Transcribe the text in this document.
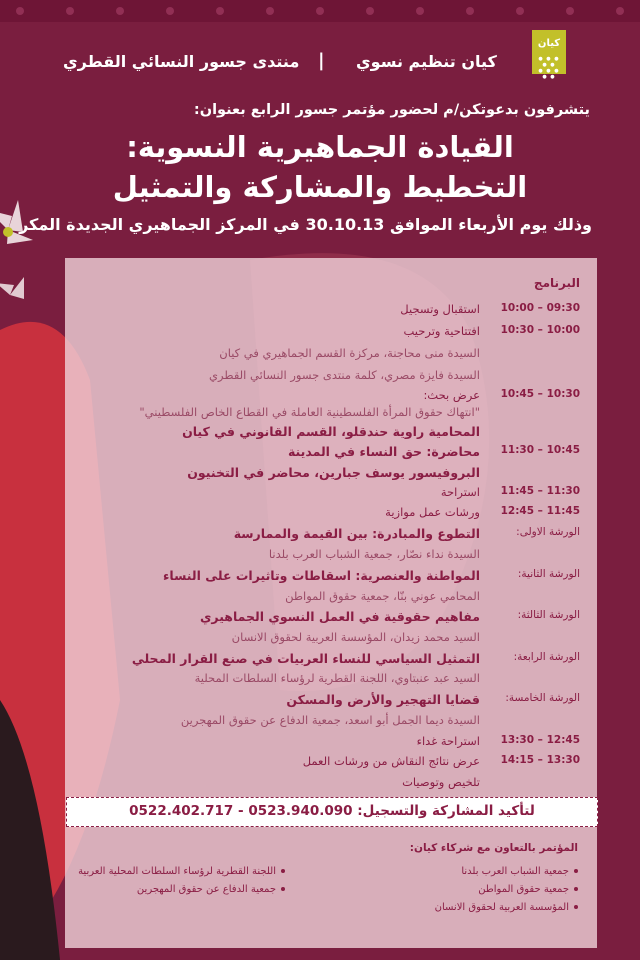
كيان
● ● ● ● ●
● ● ● ● ●
منتدى جسور النسائي القطري | كيان تنظيم نسوي
يتشرفون بدعوتكن/م لحضور مؤتمر جسور الرابع بعنوان:
القيادة الجماهيرية النسوية:
التخطيط والمشاركة والتمثيل
وذلك يوم الأربعاء الموافق 30.10.13 في المركز الجماهيري الجديدة المكر
البرنامج
10:00 – 09:30
استقبال وتسجيل
10:30 – 10:00
افتتاحية وترحيب
السيدة منى محاجنة، مركزة القسم الجماهيري في كيان
السيدة فايزة مصري، كلمة منتدى جسور النسائي القطري
10:45 – 10:30
عرض بحث:
"انتهاك حقوق المرأة الفلسطينية العاملة في القطاع الخاص الفلسطيني"
المحامية راوية حندقلو، القسم القانوني في كيان
11:30 – 10:45
محاضرة: حق النساء في المدينة
البروفيسور يوسف جبارين، محاضر في التخنيون
11:45 – 11:30
استراحة
12:45 – 11:45
ورشات عمل موازية
الورشة الاولى:
التطوع والمبادرة: بين القيمة والممارسة
السيدة نداء نصّار، جمعية الشباب العرب بلدنا
الورشة الثانية:
المواطنة والعنصرية: اسقاطات وتاثيرات على النساء
المحامي عوني بنّا، جمعية حقوق المواطن
الورشة الثالثة:
مفاهيم حقوقية في العمل النسوي الجماهيري
السيد محمد زيدان، المؤسسة العربية لحقوق الانسان
الورشة الرابعة:
التمثيل السياسي للنساء العربيات في صنع القرار المحلي
السيد عبد عنبتاوي، اللجنة القطرية لرؤساء السلطات المحلية
الورشة الخامسة:
قضايا التهجير والأرض والمسكن
السيدة ديما الجمل أبو اسعد، جمعية الدفاع عن حقوق المهجرين
13:30 – 12:45
استراحة غداء
14:15 – 13:30
عرض نتائج النقاش من ورشات العمل
تلخيص وتوصيات
لتأكيد المشاركة والتسجيل: 0523.940.090 - 0522.402.717
المؤتمر بالتعاون مع شركاء كيان:
جمعية الشباب العرب بلدنا
جمعية حقوق المواطن
المؤسسة العربية لحقوق الانسان
اللجنة القطرية لرؤساء السلطات المحلية العربية
جمعية الدفاع عن حقوق المهجرين
